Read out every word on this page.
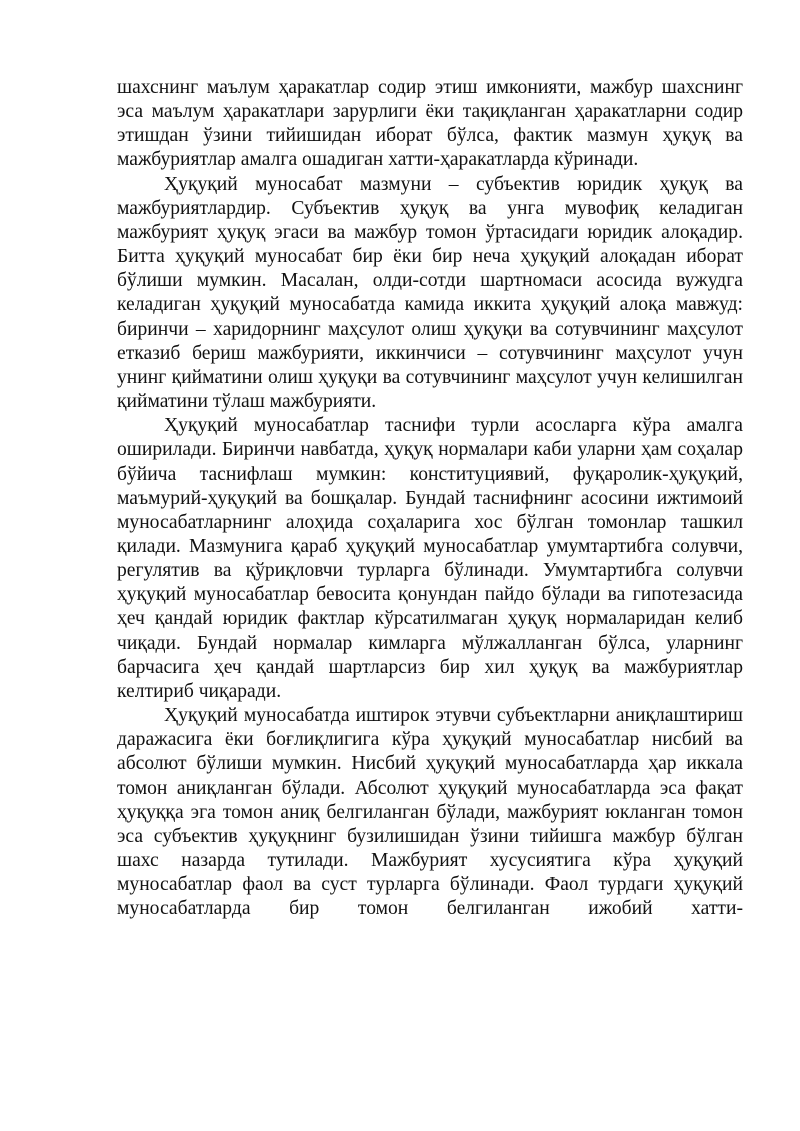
шахснинг маълум ҳаракатлар содир этиш имконияти, мажбур шахснинг эса маълум ҳаракатлари зарурлиги ёки тақиқланган ҳаракатларни содир этишдан ўзини тийишидан иборат бўлса, фактик мазмун ҳуқуқ ва мажбуриятлар амалга ошадиган хатти-ҳаракатларда кўринади.

Ҳуқуқий муносабат мазмуни – субъектив юридик ҳуқуқ ва мажбуриятлардир. Субъектив ҳуқуқ ва унга мувофиқ келадиган мажбурият ҳуқуқ эгаси ва мажбур томон ўртасидаги юридик алоқадир. Битта ҳуқуқий муносабат бир ёки бир неча ҳуқуқий алоқадан иборат бўлиши мумкин. Масалан, олди-сотди шартномаси асосида вужудга келадиган ҳуқуқий муносабатда камида иккита ҳуқуқий алоқа мавжуд: биринчи – харидорнинг маҳсулот олиш ҳуқуқи ва сотувчининг маҳсулот етказиб бериш мажбурияти, иккинчиси – сотувчининг маҳсулот учун унинг қийматини олиш ҳуқуқи ва сотувчининг маҳсулот учун келишилган қийматини тўлаш мажбурияти.

Ҳуқуқий муносабатлар таснифи турли асосларга кўра амалга оширилади. Биринчи навбатда, ҳуқуқ нормалари каби уларни ҳам соҳалар бўйича таснифлаш мумкин: конституциявий, фуқаролик-ҳуқуқий, маъмурий-ҳуқуқий ва бошқалар. Бундай таснифнинг асосини ижтимоий муносабатларнинг алоҳида соҳаларига хос бўлган томонлар ташкил қилади. Мазмунига қараб ҳуқуқий муносабатлар умумтартибга солувчи, регулятив ва қўриқловчи турларга бўлинади. Умумтартибга солувчи ҳуқуқий муносабатлар бевосита қонундан пайдо бўлади ва гипотезасида ҳеч қандай юридик фактлар кўрсатилмаган ҳуқуқ нормаларидан келиб чиқади. Бундай нормалар кимларга мўлжалланган бўлса, уларнинг барчасига ҳеч қандай шартларсиз бир хил ҳуқуқ ва мажбуриятлар келтириб чиқаради.

Ҳуқуқий муносабатда иштирок этувчи субъектларни аниқлаштириш даражасига ёки боғлиқлигига кўра ҳуқуқий муносабатлар нисбий ва абсолют бўлиши мумкин. Нисбий ҳуқуқий муносабатларда ҳар иккала томон аниқланган бўлади. Абсолют ҳуқуқий муносабатларда эса фақат ҳуқуққа эга томон аниқ белгиланган бўлади, мажбурият юкланган томон эса субъектив ҳуқуқнинг бузилишидан ўзини тийишга мажбур бўлган шахс назарда тутилади. Мажбурият хусусиятига кўра ҳуқуқий муносабатлар фаол ва суст турларга бўлинади. Фаол турдаги ҳуқуқий муносабатларда бир томон белгиланган ижобий хатти-
